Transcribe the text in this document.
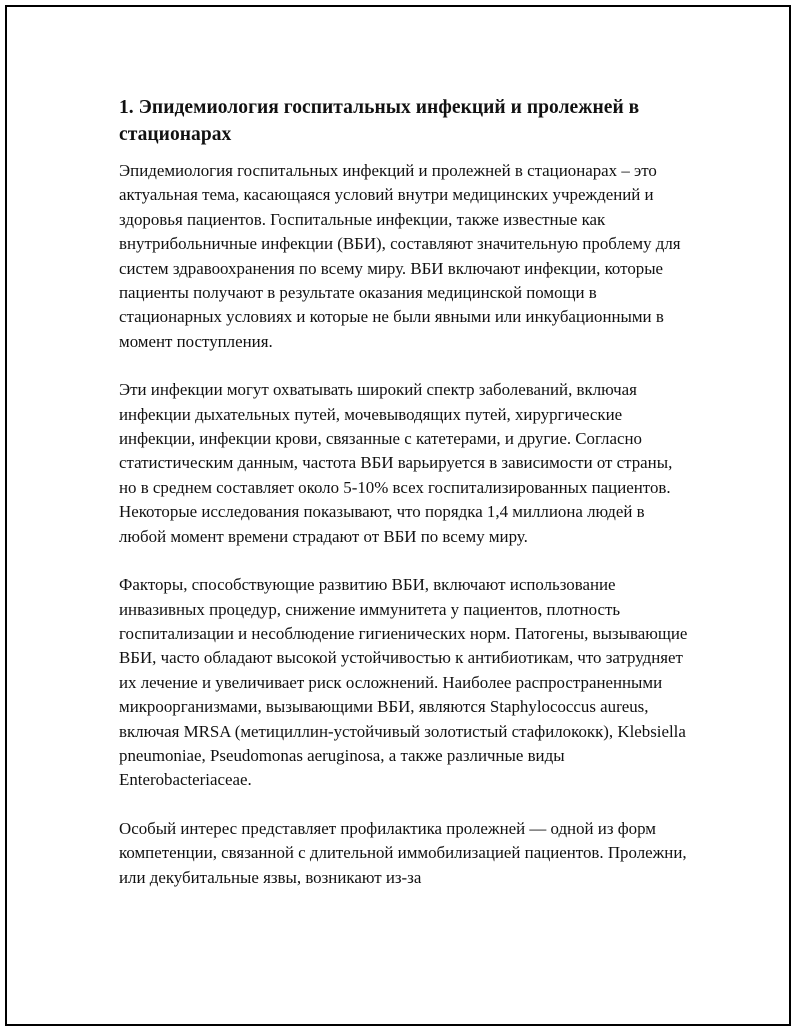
1. Эпидемиология госпитальных инфекций и пролежней в стационарах

Эпидемиология госпитальных инфекций и пролежней в стационарах – это актуальная тема, касающаяся условий внутри медицинских учреждений и здоровья пациентов. Госпитальные инфекции, также известные как внутрибольничные инфекции (ВБИ), составляют значительную проблему для систем здравоохранения по всему миру. ВБИ включают инфекции, которые пациенты получают в результате оказания медицинской помощи в стационарных условиях и которые не были явными или инкубационными в момент поступления.

Эти инфекции могут охватывать широкий спектр заболеваний, включая инфекции дыхательных путей, мочевыводящих путей, хирургические инфекции, инфекции крови, связанные с катетерами, и другие. Согласно статистическим данным, частота ВБИ варьируется в зависимости от страны, но в среднем составляет около 5-10% всех госпитализированных пациентов. Некоторые исследования показывают, что порядка 1,4 миллиона людей в любой момент времени страдают от ВБИ по всему миру.

Факторы, способствующие развитию ВБИ, включают использование инвазивных процедур, снижение иммунитета у пациентов, плотность госпитализации и несоблюдение гигиенических норм. Патогены, вызывающие ВБИ, часто обладают высокой устойчивостью к антибиотикам, что затрудняет их лечение и увеличивает риск осложнений. Наиболее распространенными микроорганизмами, вызывающими ВБИ, являются Staphylococcus aureus, включая MRSA (метициллин-устойчивый золотистый стафилококк), Klebsiella pneumoniae, Pseudomonas aeruginosa, а также различные виды Enterobacteriaceae.

Особый интерес представляет профилактика пролежней — одной из форм компетенции, связанной с длительной иммобилизацией пациентов. Пролежни, или декубитальные язвы, возникают из-за
